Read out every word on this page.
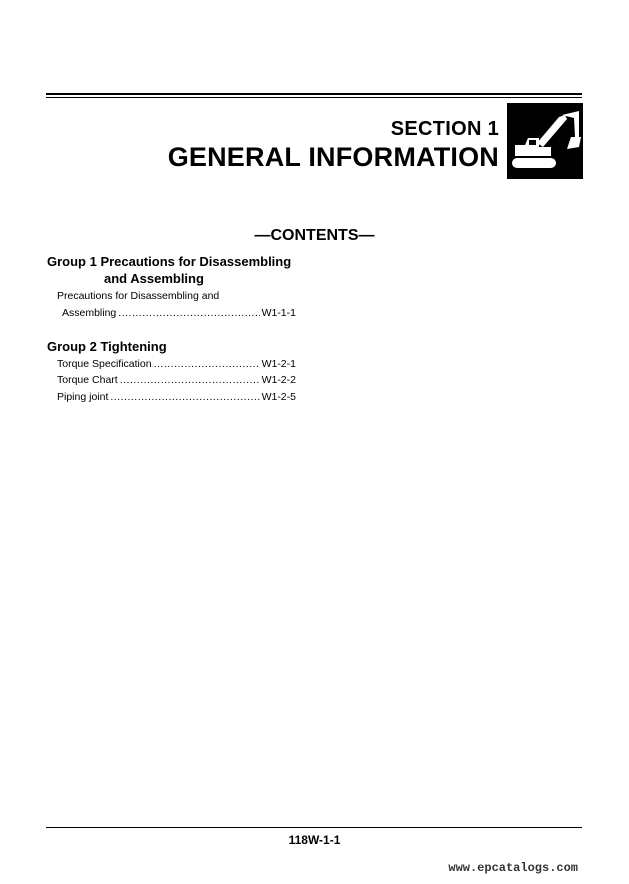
SECTION 1
GENERAL INFORMATION
—CONTENTS—
Group 1 Precautions for Disassembling
and Assembling
Precautions for Disassembling and
Assembling .....	W1-1-1
Group 2 Tightening
Torque Specification .....	W1-2-1
Torque Chart .....	W1-2-2
Piping joint .....	W1-2-5
118W-1-1
www.epcatalogs.com
